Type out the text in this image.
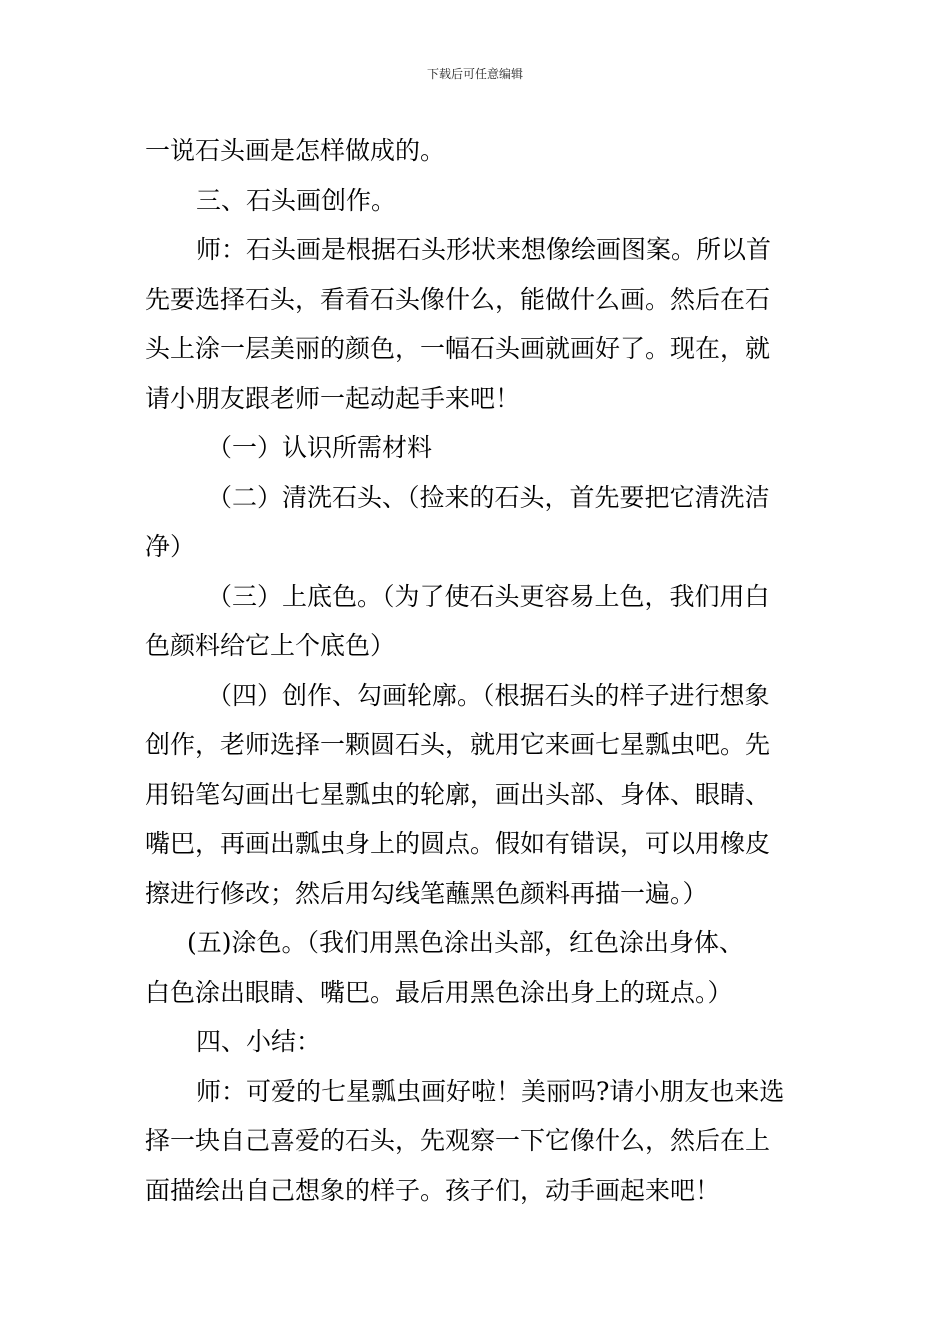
下载后可任意编辑
一说石头画是怎样做成的。
三、石头画创作。
师：石头画是根据石头形状来想像绘画图案。所以首
先要选择石头，看看石头像什么，能做什么画。然后在石
头上涂一层美丽的颜色，一幅石头画就画好了。现在，就
请小朋友跟老师一起动起手来吧！
（一）认识所需材料
（二）清洗石头、（捡来的石头，首先要把它清洗洁
净）
（三）上底色。（为了使石头更容易上色，我们用白
色颜料给它上个底色）
（四）创作、勾画轮廓。（根据石头的样子进行想象
创作，老师选择一颗圆石头，就用它来画七星瓢虫吧。先
用铅笔勾画出七星瓢虫的轮廓，画出头部、身体、眼睛、
嘴巴，再画出瓢虫身上的圆点。假如有错误，可以用橡皮
擦进行修改；然后用勾线笔蘸黑色颜料再描一遍。）
(五)涂色。（我们用黑色涂出头部，红色涂出身体、
白色涂出眼睛、嘴巴。最后用黑色涂出身上的斑点。）
四、小结：
师：可爱的七星瓢虫画好啦！美丽吗?请小朋友也来选
择一块自己喜爱的石头，先观察一下它像什么，然后在上
面描绘出自己想象的样子。孩子们，动手画起来吧！
